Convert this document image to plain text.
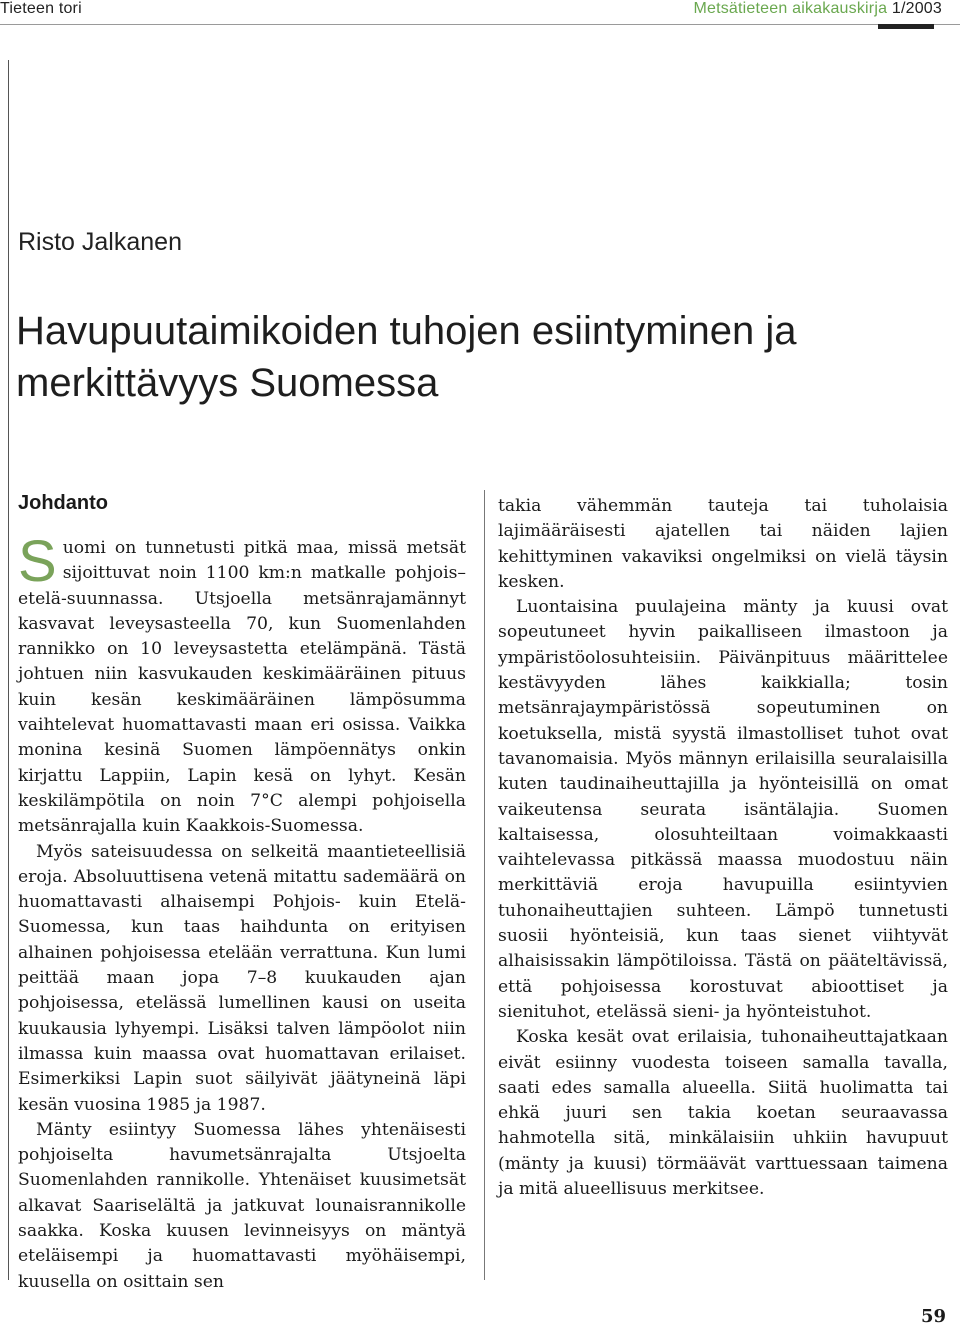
Tieteen tori	Metsätieteen aikakauskirja 1/2003
Risto Jalkanen
Havupuutaimikoiden tuhojen esiintyminen ja merkittävyys Suomessa
Johdanto

Suomi on tunnetusti pitkä maa, missä metsät sijoittuvat noin 1100 km:n matkalle pohjois–etelä-suunnassa. Utsjoella metsänrajamännyt kasvavat leveysasteella 70, kun Suomenlahden rannikko on 10 leveysastetta etelämpänä. Tästä johtuen niin kasvukauden keskimääräinen pituus kuin kesän keskimääräinen lämpösumma vaihtelevat huomattavasti maan eri osissa. Vaikka monina kesinä Suomen lämpöennätys onkin kirjattu Lappiin, Lapin kesä on lyhyt. Kesän keskilämpötila on noin 7°C alempi pohjoisella metsänrajalla kuin Kaakkois-Suomessa.

Myös sateisuudessa on selkeitä maantieteellisiä eroja. Absoluuttisena vetenä mitattu sademäärä on huomattavasti alhaisempi Pohjois- kuin Etelä-Suomessa, kun taas haihdunta on erityisen alhainen pohjoisessa etelään verrattuna. Kun lumi peittää maan jopa 7–8 kuukauden ajan pohjoisessa, etelässä lumellinen kausi on useita kuukausia lyhyempi. Lisäksi talven lämpöolot niin ilmassa kuin maassa ovat huomattavan erilaiset. Esimerkiksi Lapin suot säilyivät jäätyneinä läpi kesän vuosina 1985 ja 1987.

Mänty esiintyy Suomessa lähes yhtenäisesti pohjoiselta havumetsänrajalta Utsjoelta Suomenlahden rannikolle. Yhtenäiset kuusimetsät alkavat Saariselältä ja jatkuvat lounaisrannikolle saakka. Koska kuusen levinneisyys on mäntyä eteläisempi ja huomattavasti myöhäisempi, kuusella on osittain sen

takia vähemmän tauteja tai tuholaisia lajimääräisesti ajatellen tai näiden lajien kehittyminen vakaviksi ongelmiksi on vielä täysin kesken.

Luontaisina puulajeina mänty ja kuusi ovat sopeutuneet hyvin paikalliseen ilmastoon ja ympäristöolosuhteisiin. Päivänpituus määrittelee kestävyyden lähes kaikkialla; tosin metsänrajaympäristössä sopeutuminen on koetuksella, mistä syystä ilmastolliset tuhot ovat tavanomaisia. Myös männyn erilaisilla seuralaisilla kuten taudinaiheuttajilla ja hyönteisillä on omat vaikeutensa seurata isäntälajia. Suomen kaltaisessa, olosuhteiltaan voimakkaasti vaihtelevassa pitkässä maassa muodostuu näin merkittäviä eroja havupuilla esiintyvien tuhonaiheuttajien suhteen. Lämpö tunnetusti suosii hyönteisiä, kun taas sienet viihtyvät alhaisissakin lämpötiloissa. Tästä on pääteltävissä, että pohjoisessa korostuvat abioottiset ja sienituhot, etelässä sieni- ja hyönteistuhot.

Koska kesät ovat erilaisia, tuhonaiheuttajatkaan eivät esiinny vuodesta toiseen samalla tavalla, saati edes samalla alueella. Siitä huolimatta tai ehkä juuri sen takia koetan seuraavassa hahmotella sitä, minkälaisiin uhkiin havupuut (mänty ja kuusi) törmäävät varttuessaan taimena ja mitä alueellisuus merkitsee.

59
